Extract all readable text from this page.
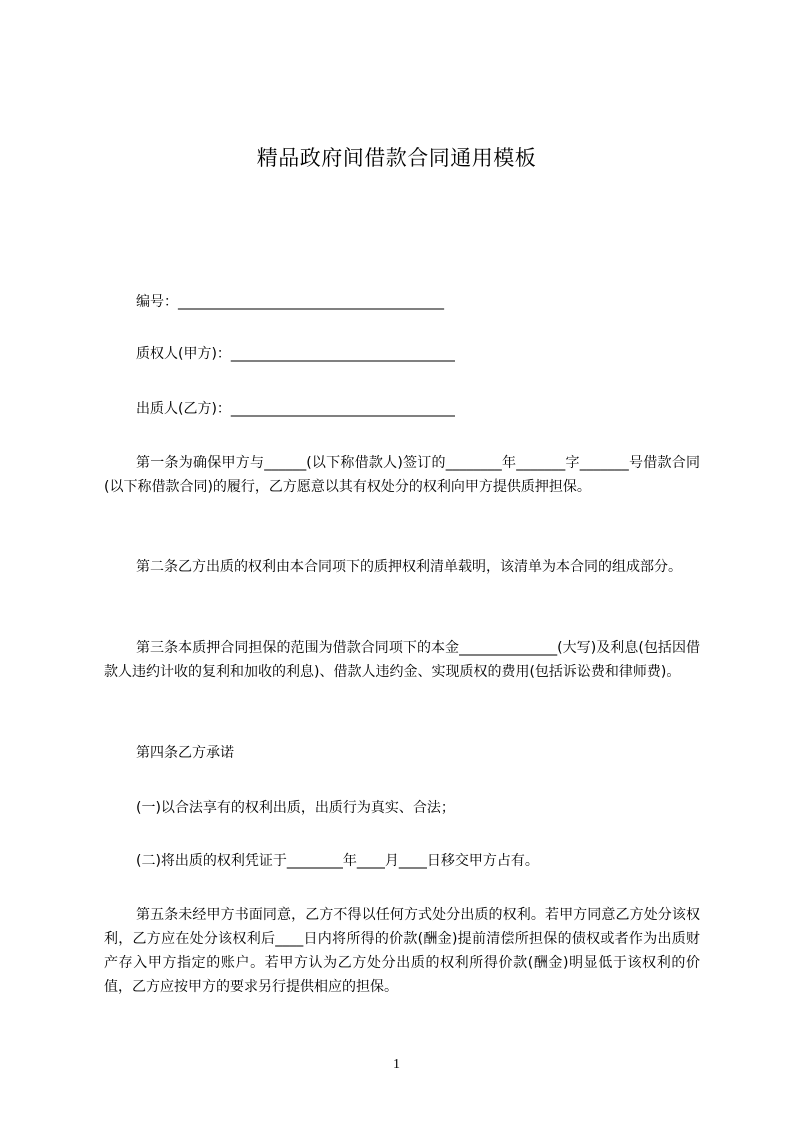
精品政府间借款合同通用模板
编号：______________________________________
质权人(甲方)：________________________________
出质人(乙方)：________________________________
第一条为确保甲方与______(以下称借款人)签订的________年_______字_______号借款合同(以下称借款合同)的履行，乙方愿意以其有权处分的权利向甲方提供质押担保。
第二条乙方出质的权利由本合同项下的质押权利清单载明，该清单为本合同的组成部分。
第三条本质押合同担保的范围为借款合同项下的本金______________(大写)及利息(包括因借款人违约计收的复利和加收的利息)、借款人违约金、实现质权的费用(包括诉讼费和律师费)。
第四条乙方承诺
(一)以合法享有的权利出质，出质行为真实、合法；
(二)将出质的权利凭证于________年____月____日移交甲方占有。
第五条未经甲方书面同意，乙方不得以任何方式处分出质的权利。若甲方同意乙方处分该权利，乙方应在处分该权利后____日内将所得的价款(酬金)提前清偿所担保的债权或者作为出质财产存入甲方指定的账户。若甲方认为乙方处分出质的权利所得价款(酬金)明显低于该权利的价值，乙方应按甲方的要求另行提供相应的担保。
1
